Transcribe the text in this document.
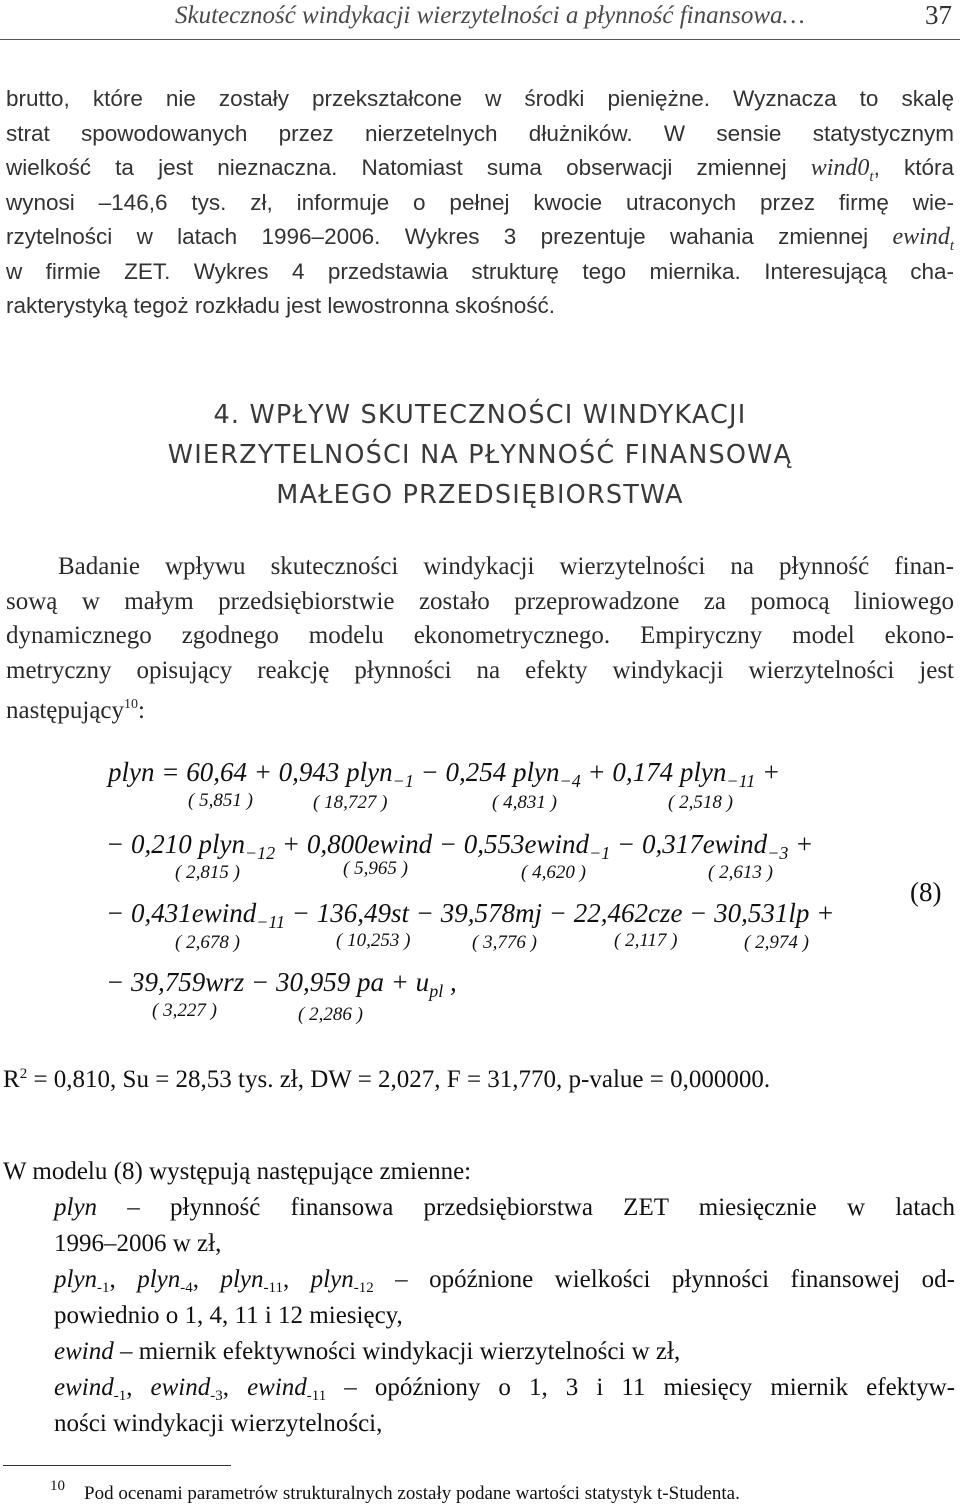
Skuteczność windykacji wierzytelności a płynność finansowa…	37
brutto, które nie zostały przekształcone w środki pieniężne. Wyznacza to skalę
strat spowodowanych przez nierzetelnych dłużników. W sensie statystycznym
wielkość ta jest nieznaczna. Natomiast suma obserwacji zmiennej $wind0_t$, która
wynosi –146,6 tys. zł, informuje o pełnej kwocie utraconych przez firmę wie-
rzytelności w latach 1996–2006. Wykres 3 prezentuje wahania zmiennej ewind$_t$
w firmie ZET. Wykres 4 przedstawia strukturę tego miernika. Interesującą cha-
rakterystyką tegoż rozkładu jest lewostronna skośność.
4. WPŁYW SKUTECZNOŚCI WINDYKACJI
WIERZYTELNOŚCI NA PŁYNNOŚĆ FINANSOWĄ
MAŁEGO PRZEDSIĘBIORSTWA
Badanie wpływu skuteczności windykacji wierzytelności na płynność finan-
sową w małym przedsiębiorstwie zostało przeprowadzone za pomocą liniowego
dynamicznego zgodnego modelu ekonometrycznego. Empiryczny model ekono-
metryczny opisujący reakcję płynności na efekty windykacji wierzytelności jest
następujący$^{10}$:
plyn = 60,64 + 0,943 plyn$_{-1}$ − 0,254 plyn$_{-4}$ + 0,174 plyn$_{-11}$ +
( 5,851 )	( 18,727 )	( 4,831 )	( 2,518 )
− 0,210 plyn$_{-12}$ + 0,800ewind − 0,553ewind$_{-1}$ − 0,317ewind$_{-3}$ +
( 2,815 )	( 5,965 )	( 4,620 )	( 2,613 )
− 0,431ewind$_{-11}$ − 136,49st − 39,578mj − 22,462cze − 30,531lp +
( 2,678 )	( 10,253 )	( 3,776 )	( 2,117 )	( 2,974 )
− 39,759wrz − 30,959 pa + $u_{pl}$ ,
( 3,227 )	( 2,286 )
(8)
$R^2 = 0,810$, Su = 28,53 tys. zł, DW = 2,027, F = 31,770, p-value = 0,000000.
W modelu (8) występują następujące zmienne:
plyn – płynność finansowa przedsiębiorstwa ZET miesięcznie w latach
1996–2006 w zł,
plyn$_{-1}$, plyn$_{-4}$, plyn$_{-11}$, plyn$_{-12}$ – opóźnione wielkości płynności finansowej od-
powiednio o 1, 4, 11 i 12 miesięcy,
ewind – miernik efektywności windykacji wierzytelności w zł,
ewind$_{-1}$, ewind$_{-3}$, ewind$_{-11}$ – opóźniony o 1, 3 i 11 miesięcy miernik efektyw-
ności windykacji wierzytelności,
10 Pod ocenami parametrów strukturalnych zostały podane wartości statystyk t-Studenta.
